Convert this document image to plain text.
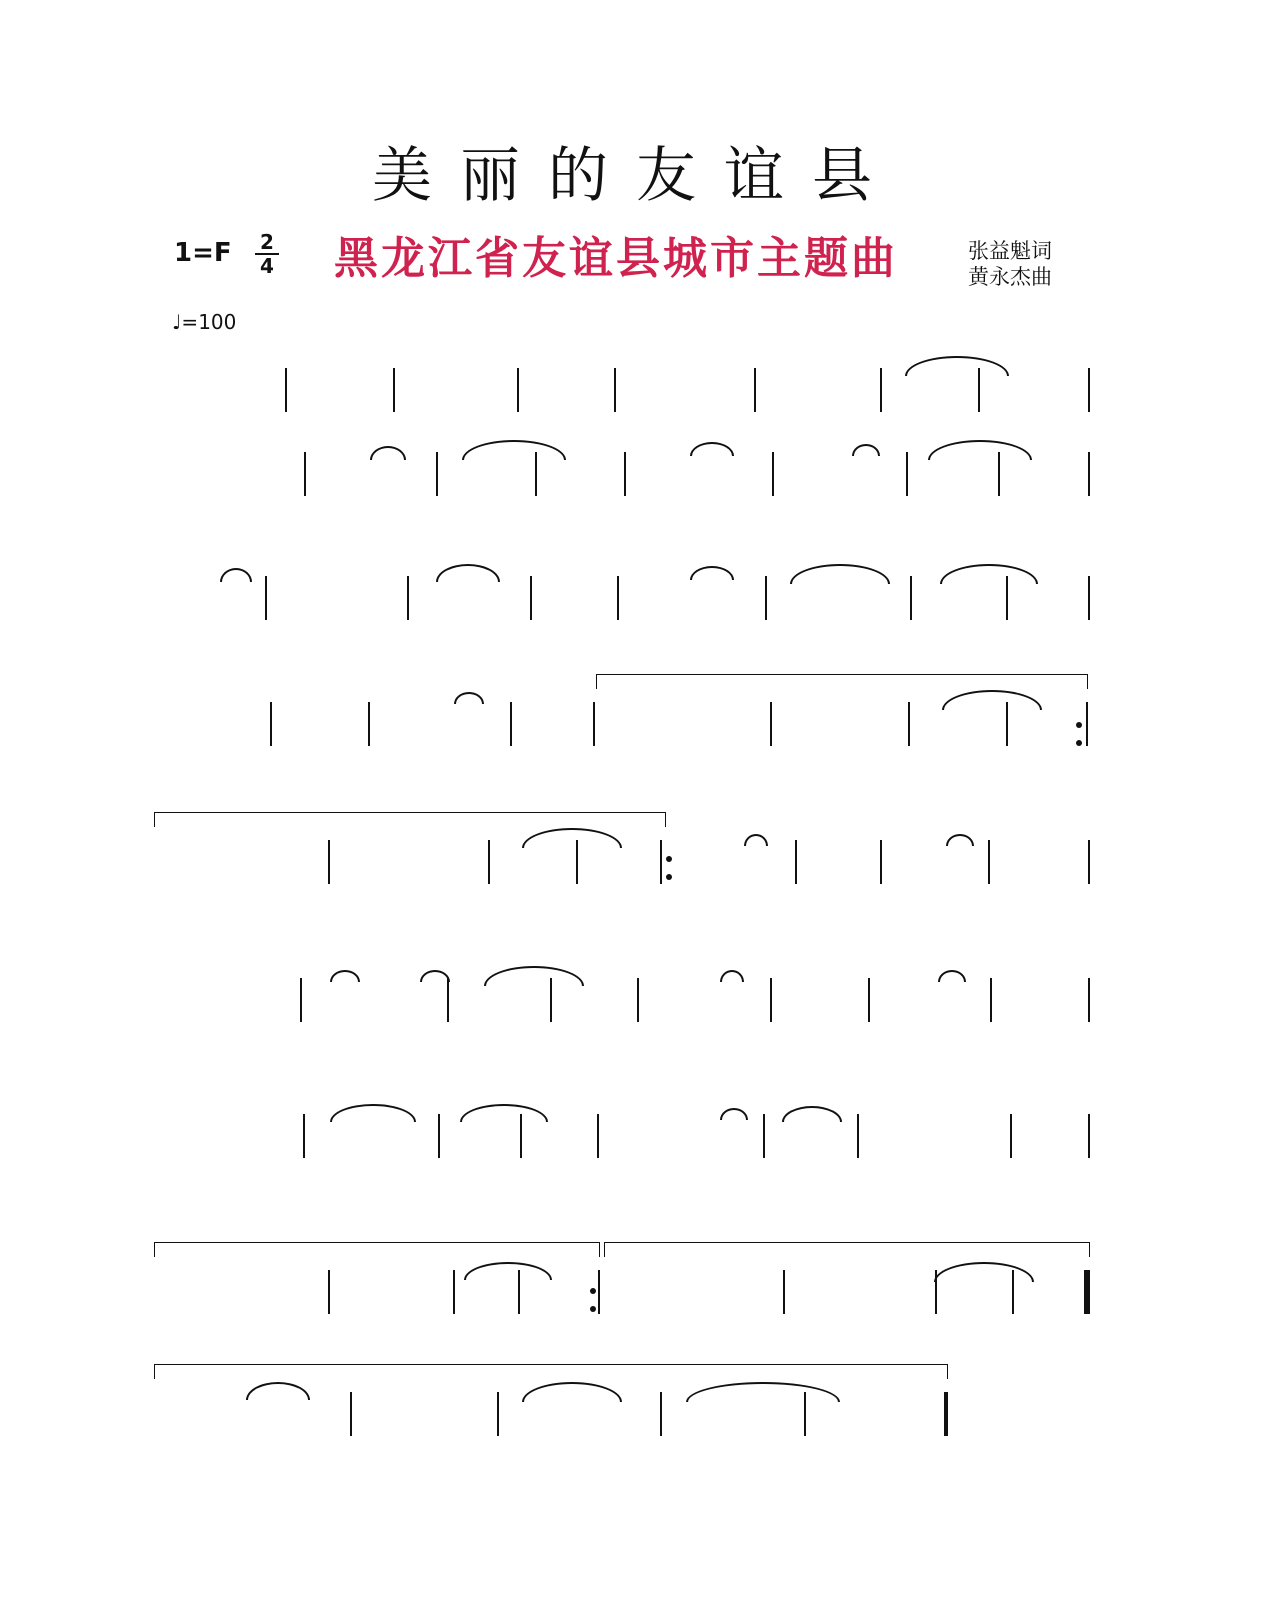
美丽的友谊县
1=F 2
4 黑龙江省友谊县城市主题曲	张益魁词
黄永杰曲
♩=100
